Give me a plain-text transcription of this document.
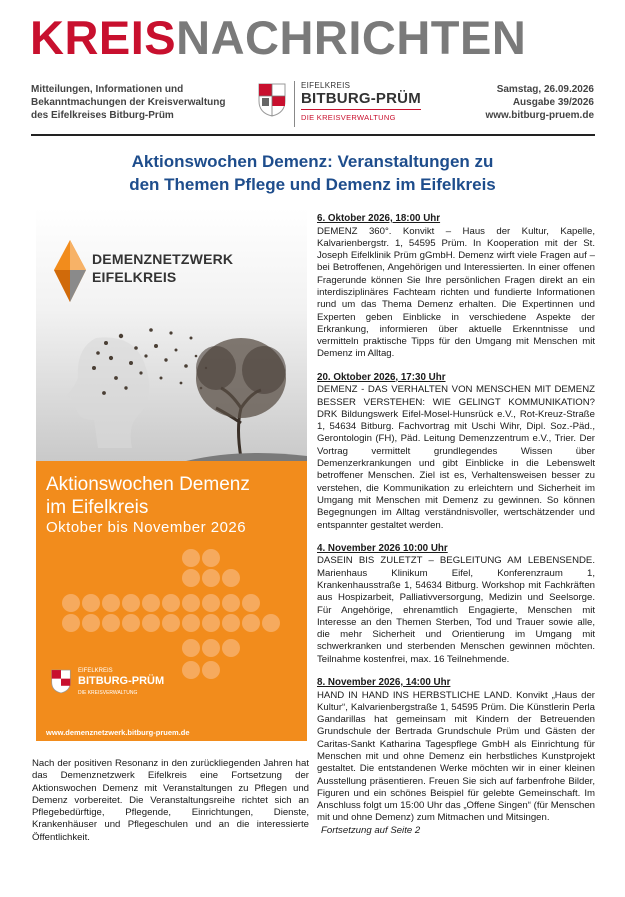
KREISNACHRICHTEN
Mitteilungen, Informationen und
Bekanntmachungen der Kreisverwaltung
des Eifelkreises Bitburg-Prüm
EIFELKREIS
BITBURG-PRÜM
DIE KREISVERWALTUNG
Samstag, 26.09.2026
Ausgabe 39/2026
www.bitburg-pruem.de
Aktionswochen Demenz: Veranstaltungen zu
den Themen Pflege und Demenz im Eifelkreis
DEMENZNETZWERK
EIFELKREIS
Aktionswochen Demenz
im Eifelkreis
Oktober bis November 2026
EIFELKREIS
BITBURG-PRÜM
DIE KREISVERWALTUNG
www.demenznetzwerk.bitburg-pruem.de
Nach der positiven Resonanz in den zurückliegenden Jahren hat das Demenznetzwerk Eifelkreis eine Fortsetzung der Aktionswochen Demenz mit Veranstaltungen zu Pflegen und Demenz vorbereitet. Die Veranstaltungsreihe richtet sich an Pflegebedürftige, Pflegende, Einrichtungen, Dienste, Krankenhäuser und Pflegeschulen und an die interessierte Öffentlichkeit.
6. Oktober 2026, 18:00 Uhr

DEMENZ 360°. Konvikt – Haus der Kultur, Kapelle, Kalvarienbergstr. 1, 54595 Prüm. In Kooperation mit der St. Joseph Eifelklinik Prüm gGmbH. Demenz wirft viele Fragen auf – bei Betroffenen, Angehörigen und Interessierten. In einer offenen Fragerunde können Sie Ihre persönlichen Fragen direkt an ein interdisziplinäres Fachteam richten und fundierte Informationen rund um das Thema Demenz erhalten. Die Expertinnen und Experten geben Einblicke in verschiedene Aspekte der Erkrankung, informieren über aktuelle Erkenntnisse und vermitteln praktische Tipps für den Umgang mit Menschen mit Demenz im Alltag.

20. Oktober 2026, 17:30 Uhr

DEMENZ - DAS VERHALTEN VON MENSCHEN MIT DEMENZ BESSER VERSTEHEN: WIE GELINGT KOMMUNIKATION? DRK Bildungswerk Eifel-Mosel-Hunsrück e.V., Rot-Kreuz-Straße 1, 54634 Bitburg. Fachvortrag mit Uschi Wihr, Dipl. Soz.-Päd., Gerontologin (FH), Päd. Leitung Demenzzentrum e.V., Trier. Der Vortrag vermittelt grundlegendes Wissen über Demenzerkrankungen und gibt Einblicke in die Lebenswelt betroffener Menschen. Ziel ist es, Verhaltensweisen besser zu verstehen, die Kommunikation zu erleichtern und Sicherheit im Umgang mit Menschen mit Demenz zu gewinnen. So können Begegnungen im Alltag verständnisvoller, wertschätzender und entspannter gestaltet werden.

4. November 2026 10:00 Uhr

DASEIN BIS ZULETZT – BEGLEITUNG AM LEBENSENDE. Marienhaus Klinikum Eifel, Konferenzraum 1, Krankenhausstraße 1, 54634 Bitburg. Workshop mit Fachkräften aus Hospizarbeit, Palliativversorgung, Medizin und Seelsorge. Für Angehörige, ehrenamtlich Engagierte, Menschen mit Interesse an den Themen Sterben, Tod und Trauer sowie alle, die mehr Sicherheit und Orientierung im Umgang mit schwerkranken und sterbenden Menschen gewinnen möchten. Teilnahme kostenfrei, max. 16 Teilnehmende.

8. November 2026, 14:00 Uhr

HAND IN HAND INS HERBSTLICHE LAND. Konvikt „Haus der Kultur“, Kalvarienbergstraße 1, 54595 Prüm. Die Künstlerin Perla Gandarillas hat gemeinsam mit Kindern der Betreuenden Grundschule der Bertrada Grundschule Prüm und Gästen der Caritas-Sankt Katharina Tagespflege GmbH als Einrichtung für Menschen mit und ohne Demenz ein herbstliches Kunstprojekt gestaltet. Die entstandenen Werke möchten wir in einer kleinen Ausstellung präsentieren. Freuen Sie sich auf farbenfrohe Bilder, Figuren und ein schönes Beispiel für gelebte Gemeinschaft. Im Anschluss folgt um 15:00 Uhr das „Offene Singen“ (für Menschen mit und ohne Demenz) zum Mitmachen und Mitsingen.

Fortsetzung auf Seite 2
